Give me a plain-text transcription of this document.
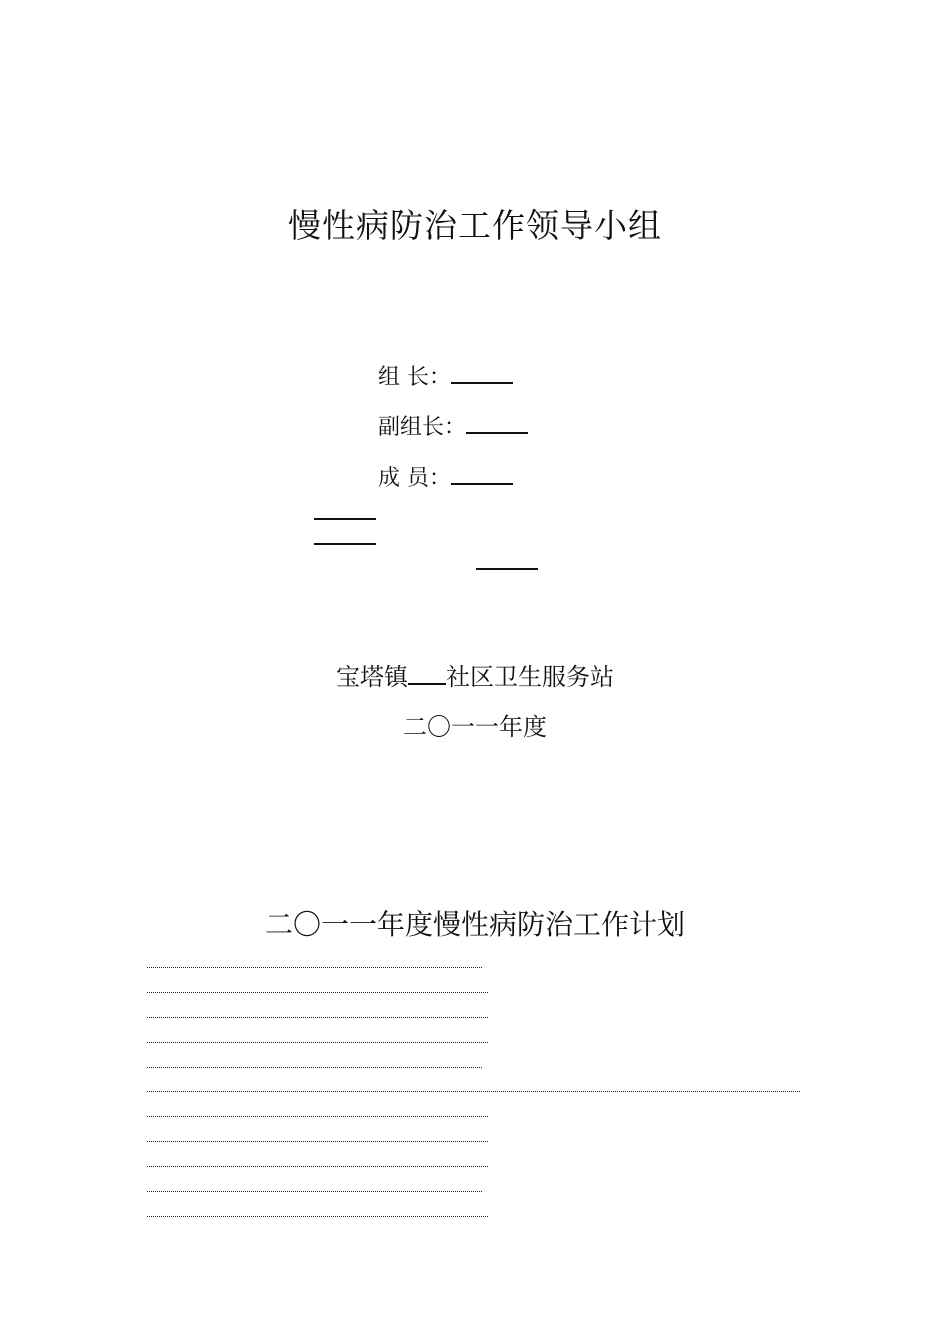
慢性病防治工作领导小组
组 长：
副组长：
成 员：
宝塔镇 社区卫生服务站
二〇一一年度
二〇一一年度慢性病防治工作计划
